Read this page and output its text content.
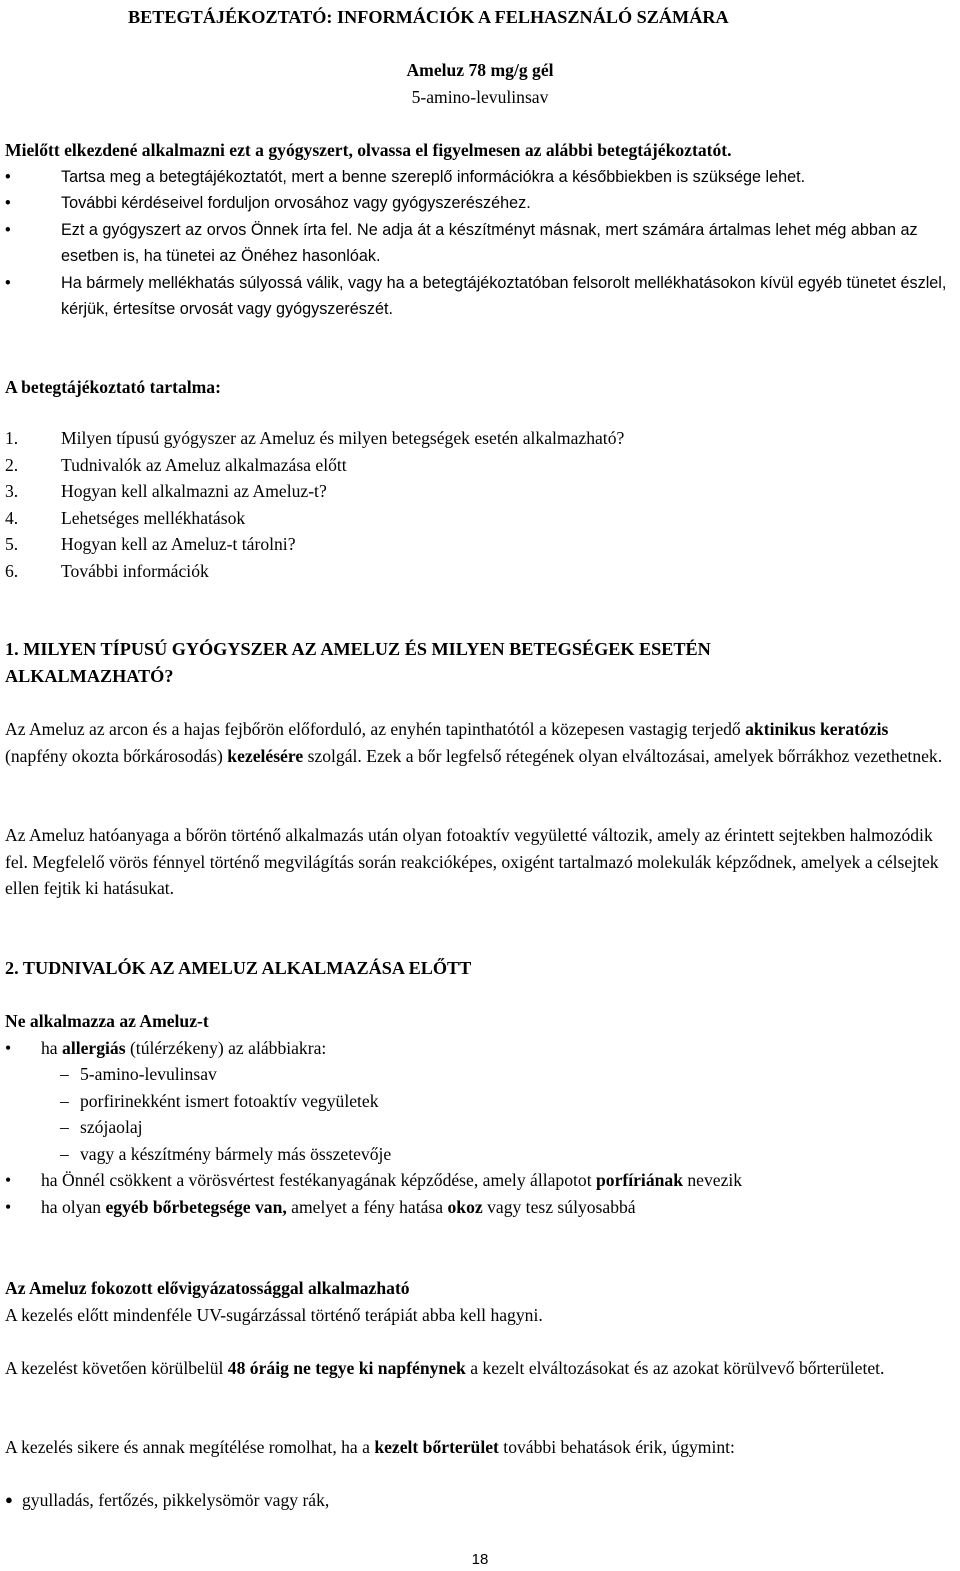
BETEGTÁJÉKOZTATÓ: INFORMÁCIÓK A FELHASZNÁLÓ SZÁMÁRA
Ameluz 78 mg/g gél
5-amino-levulinsav
Mielőtt elkezdené alkalmazni ezt a gyógyszert, olvassa el figyelmesen az alábbi betegtájékoztatót.
•	Tartsa meg a betegtájékoztatót, mert a benne szereplő információkra a későbbiekben is szüksége lehet.
•	További kérdéseivel forduljon orvosához vagy gyógyszerészéhez.
•	Ezt a gyógyszert az orvos Önnek írta fel. Ne adja át a készítményt másnak, mert számára ártalmas lehet még abban az esetben is, ha tünetei az Önéhez hasonlóak.
•	Ha bármely mellékhatás súlyossá válik, vagy ha a betegtájékoztatóban felsorolt mellékhatásokon kívül egyéb tünetet észlel, kérjük, értesítse orvosát vagy gyógyszerészét.
A betegtájékoztató tartalma:
1. Milyen típusú gyógyszer az Ameluz és milyen betegségek esetén alkalmazható?
2. Tudnivalók az Ameluz alkalmazása előtt
3. Hogyan kell alkalmazni az Ameluz-t?
4. Lehetséges mellékhatások
5. Hogyan kell az Ameluz-t tárolni?
6. További információk
1. MILYEN TÍPUSÚ GYÓGYSZER AZ AMELUZ ÉS MILYEN BETEGSÉGEK ESETÉN
ALKALMAZHATÓ?
Az Ameluz az arcon és a hajas fejbőrön előforduló, az enyhén tapinthatótól a közepesen vastagig terjedő aktinikus keratózis (napfény okozta bőrkárosodás) kezelésére szolgál. Ezek a bőr legfelső rétegének olyan elváltozásai, amelyek bőrrákhoz vezethetnek.
Az Ameluz hatóanyaga a bőrön történő alkalmazás után olyan fotoaktív vegyületté változik, amely az érintett sejtekben halmozódik fel. Megfelelő vörös fénnyel történő megvilágítás során reakcióképes, oxigént tartalmazó molekulák képződnek, amelyek a célsejtek ellen fejtik ki hatásukat.
2. TUDNIVALÓK AZ AMELUZ ALKALMAZÁSA ELŐTT
Ne alkalmazza az Ameluz-t
•	ha allergiás (túlérzékeny) az alábbiakra:
– 5-amino-levulinsav
– porfirinekként ismert fotoaktív vegyületek
– szójaolaj
– vagy a készítmény bármely más összetevője
•	ha Önnél csökkent a vörösvértest festékanyagának képződése, amely állapotot porfíriának nevezik
•	ha olyan egyéb bőrbetegsége van, amelyet a fény hatása okoz vagy tesz súlyosabbá
Az Ameluz fokozott elővigyázatossággal alkalmazható
A kezelés előtt mindenféle UV-sugárzással történő terápiát abba kell hagyni.
A kezelést követően körülbelül 48 óráig ne tegye ki napfénynek a kezelt elváltozásokat és az azokat körülvevő bőrterületet.
A kezelés sikere és annak megítélése romolhat, ha a kezelt bőrterület további behatások érik, úgymint:
● gyulladás, fertőzés, pikkelysömör vagy rák,
18
